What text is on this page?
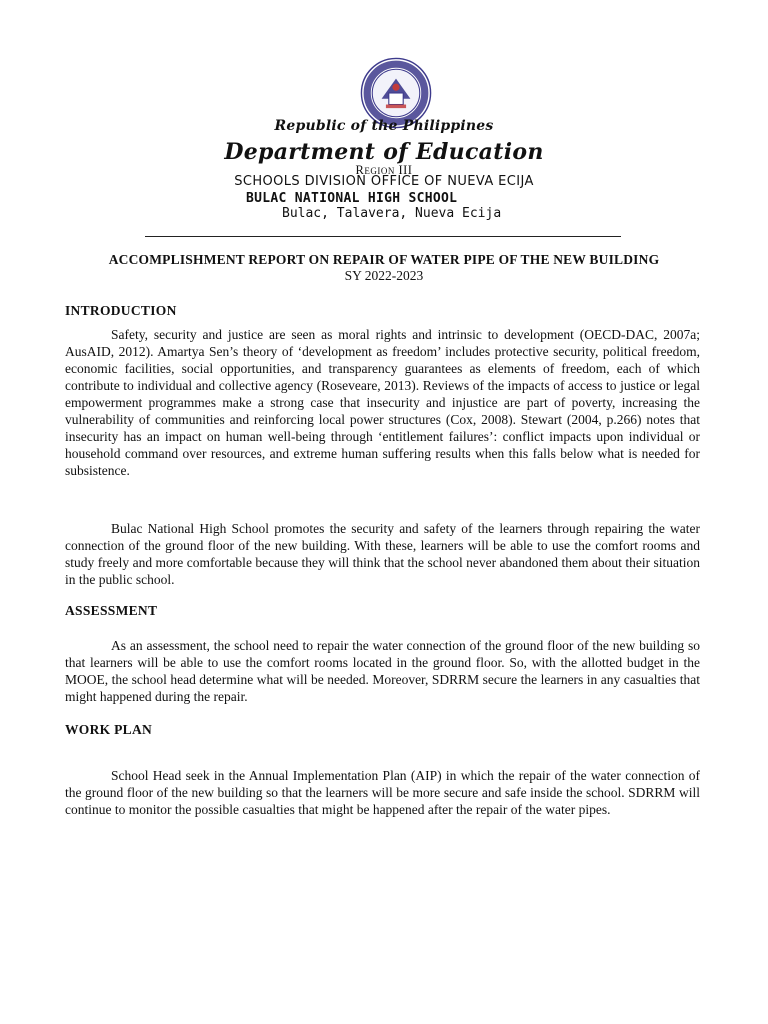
Republic of the Philippines
Department of Education
Region III
SCHOOLS DIVISION OFFICE OF NUEVA ECIJA
BULAC NATIONAL HIGH SCHOOL
Bulac, Talavera, Nueva Ecija
ACCOMPLISHMENT REPORT ON REPAIR OF WATER PIPE OF THE NEW BUILDING
SY 2022-2023
INTRODUCTION

Safety, security and justice are seen as moral rights and intrinsic to development (OECD-DAC, 2007a; AusAID, 2012). Amartya Sen’s theory of ‘development as freedom’ includes protective security, political freedom, economic facilities, social opportunities, and transparency guarantees as elements of freedom, each of which contribute to individual and collective agency (Roseveare, 2013). Reviews of the impacts of access to justice or legal empowerment programmes make a strong case that insecurity and injustice are part of poverty, increasing the vulnerability of communities and reinforcing local power structures (Cox, 2008). Stewart (2004, p.266) notes that insecurity has an impact on human well-being through ‘entitlement failures’: conflict impacts upon individual or household command over resources, and extreme human suffering results when this falls below what is needed for subsistence.

Bulac National High School promotes the security and safety of the learners through repairing the water connection of the ground floor of the new building. With these, learners will be able to use the comfort rooms and study freely and more comfortable because they will think that the school never abandoned them about their situation in the public school.

ASSESSMENT

As an assessment, the school need to repair the water connection of the ground floor of the new building so that learners will be able to use the comfort rooms located in the ground floor. So, with the allotted budget in the MOOE, the school head determine what will be needed. Moreover, SDRRM secure the learners in any casualties that might happened during the repair.

WORK PLAN

School Head seek in the Annual Implementation Plan (AIP) in which the repair of the water connection of the ground floor of the new building so that the learners will be more secure and safe inside the school. SDRRM will continue to monitor the possible casualties that might be happened after the repair of the water pipes.
